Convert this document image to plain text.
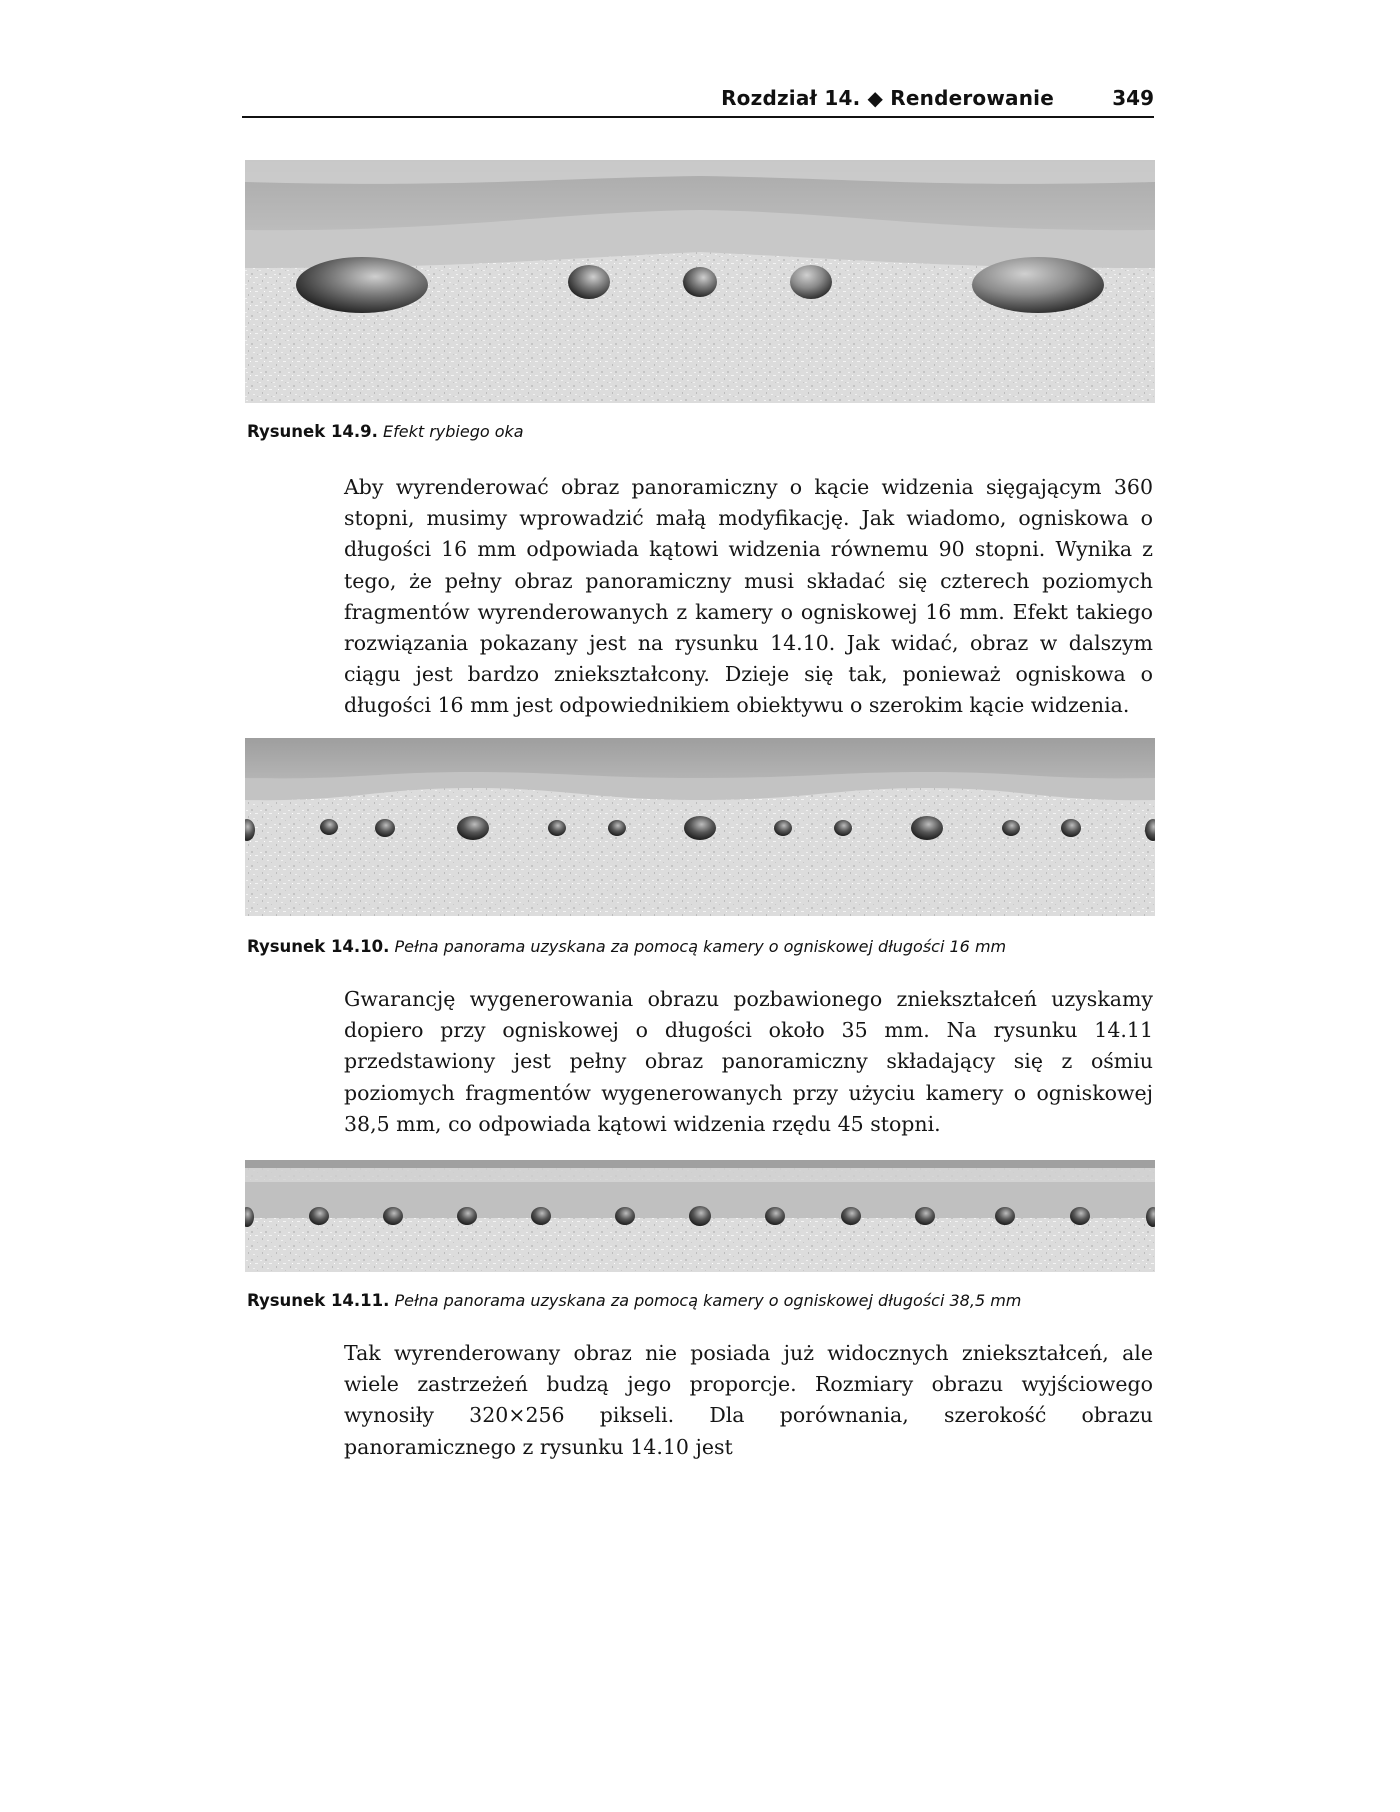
Rozdział 14. ◆ Renderowanie	349
Rysunek 14.9. Efekt rybiego oka
Aby wyrenderować obraz panoramiczny o kącie widzenia sięgającym 360 stopni, musimy wprowadzić małą modyfikację. Jak wiadomo, ogniskowa o długości 16 mm odpowiada kątowi widzenia równemu 90 stopni. Wynika z tego, że pełny obraz panoramiczny musi składać się czterech poziomych fragmentów wyrenderowanych z kamery o ogniskowej 16 mm. Efekt takiego rozwiązania pokazany jest na rysunku 14.10. Jak widać, obraz w dalszym ciągu jest bardzo zniekształcony. Dzieje się tak, ponieważ ogniskowa o długości 16 mm jest odpowiednikiem obiektywu o szerokim kącie widzenia.
Rysunek 14.10. Pełna panorama uzyskana za pomocą kamery o ogniskowej długości 16 mm
Gwarancję wygenerowania obrazu pozbawionego zniekształceń uzyskamy dopiero przy ogniskowej o długości około 35 mm. Na rysunku 14.11 przedstawiony jest pełny obraz panoramiczny składający się z ośmiu poziomych fragmentów wygenerowanych przy użyciu kamery o ogniskowej 38,5 mm, co odpowiada kątowi widzenia rzędu 45 stopni.
Rysunek 14.11. Pełna panorama uzyskana za pomocą kamery o ogniskowej długości 38,5 mm
Tak wyrenderowany obraz nie posiada już widocznych zniekształceń, ale wiele zastrzeżeń budzą jego proporcje. Rozmiary obrazu wyjściowego wynosiły 320×256 pikseli. Dla porównania, szerokość obrazu panoramicznego z rysunku 14.10 jest
